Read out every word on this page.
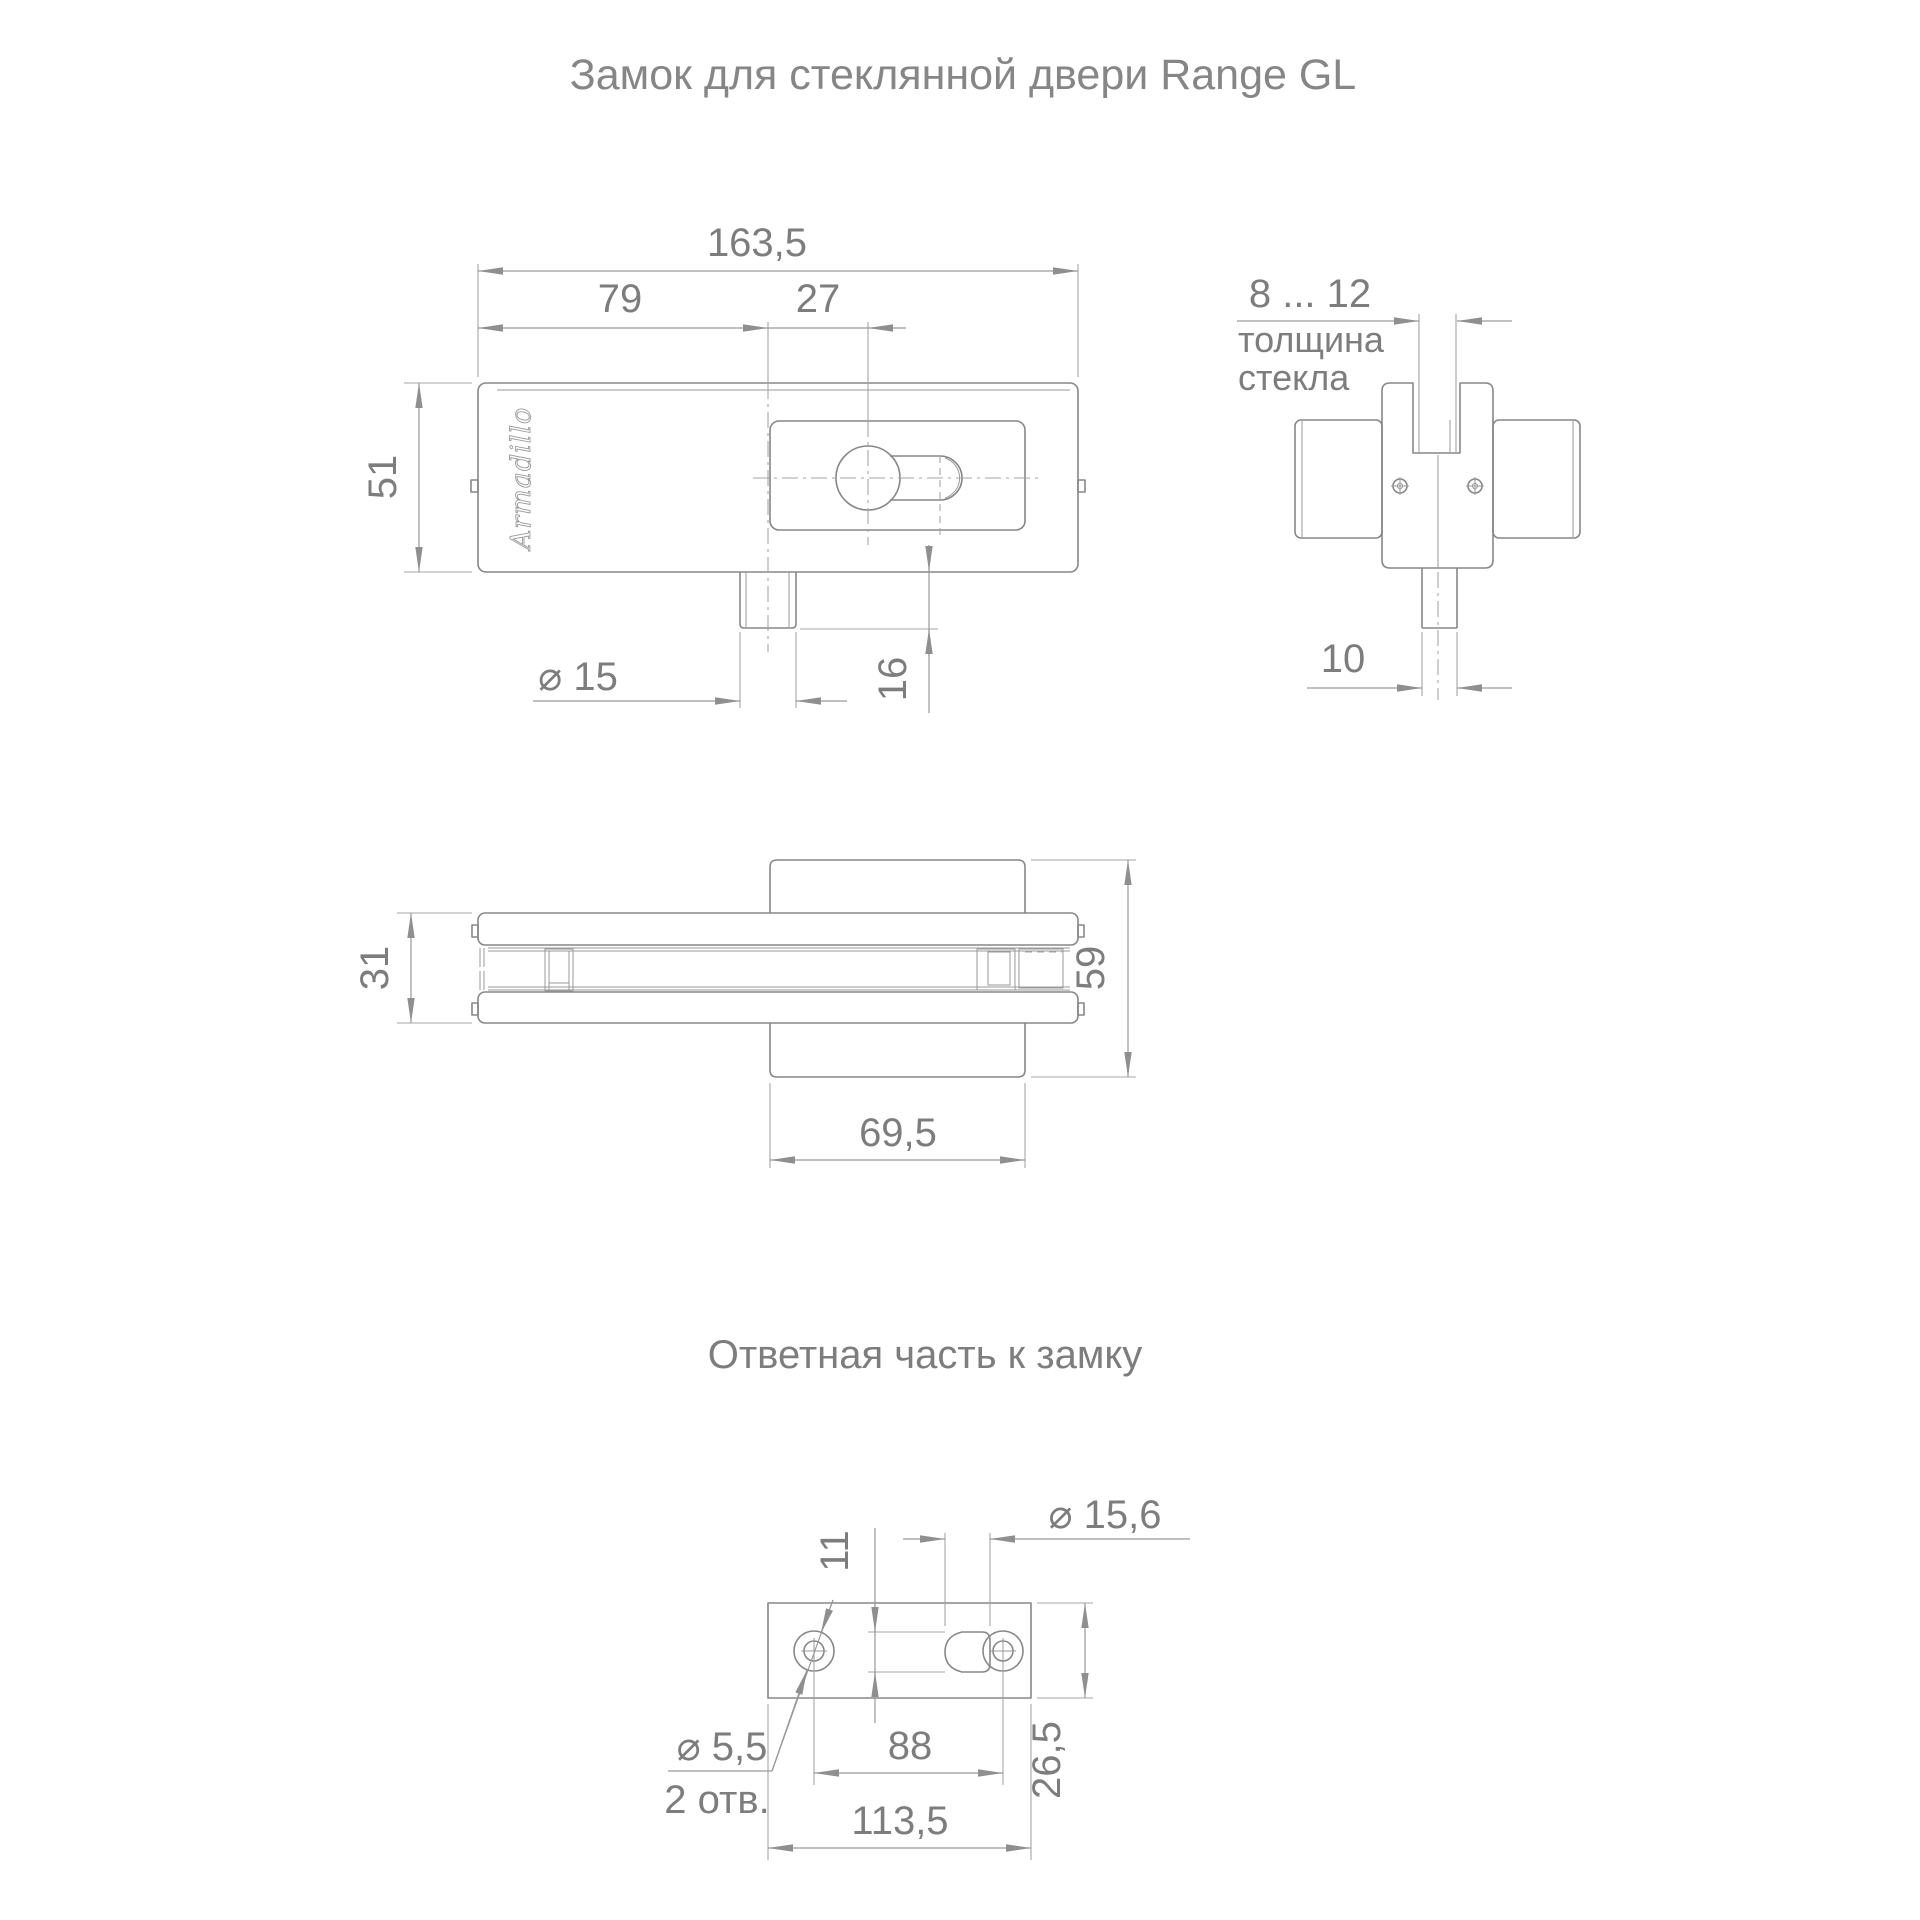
Замок для стеклянной двери Range GL
163,5
79	27
51
⌀ 15	16
Armadillo
8 ... 12
толщина
стекла
10
31	59
69,5
Ответная часть к замку
11
⌀ 15,6
⌀ 5,5
2 отв.
88
113,5
26,5
